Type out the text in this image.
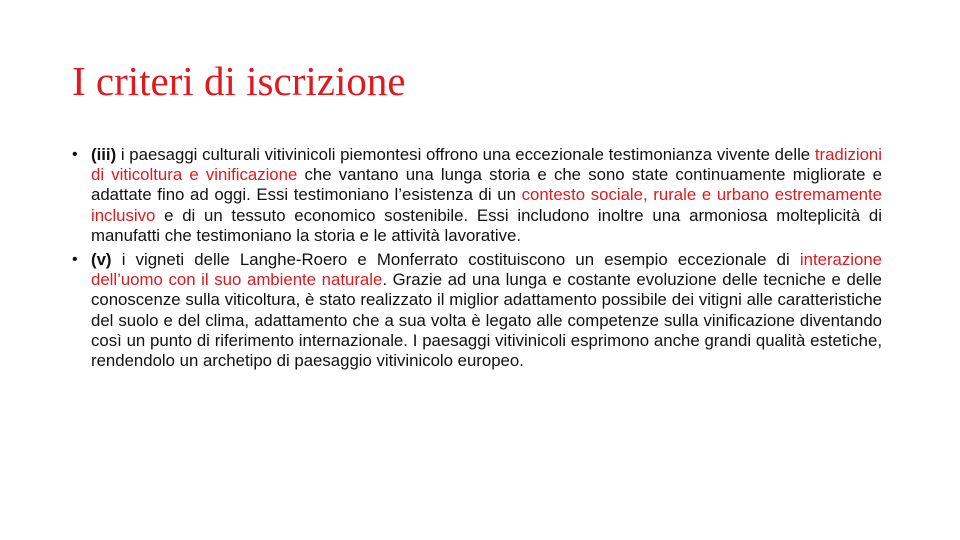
I criteri di iscrizione
• (iii) i paesaggi culturali vitivinicoli piemontesi offrono una eccezionale testimonianza vivente delle tradizioni di viticoltura e vinificazione che vantano una lunga storia e che sono state continuamente migliorate e adattate fino ad oggi. Essi testimoniano l’esistenza di un contesto sociale, rurale e urbano estremamente inclusivo e di un tessuto economico sostenibile. Essi includono inoltre una armoniosa molteplicità di manufatti che testimoniano la storia e le attività lavorative.
• (v) i vigneti delle Langhe-Roero e Monferrato costituiscono un esempio eccezionale di interazione dell’uomo con il suo ambiente naturale. Grazie ad una lunga e costante evoluzione delle tecniche e delle conoscenze sulla viticoltura, è stato realizzato il miglior adattamento possibile dei vitigni alle caratteristiche del suolo e del clima, adattamento che a sua volta è legato alle competenze sulla vinificazione diventando così un punto di riferimento internazionale. I paesaggi vitivinicoli esprimono anche grandi qualità estetiche, rendendolo un archetipo di paesaggio vitivinicolo europeo.
